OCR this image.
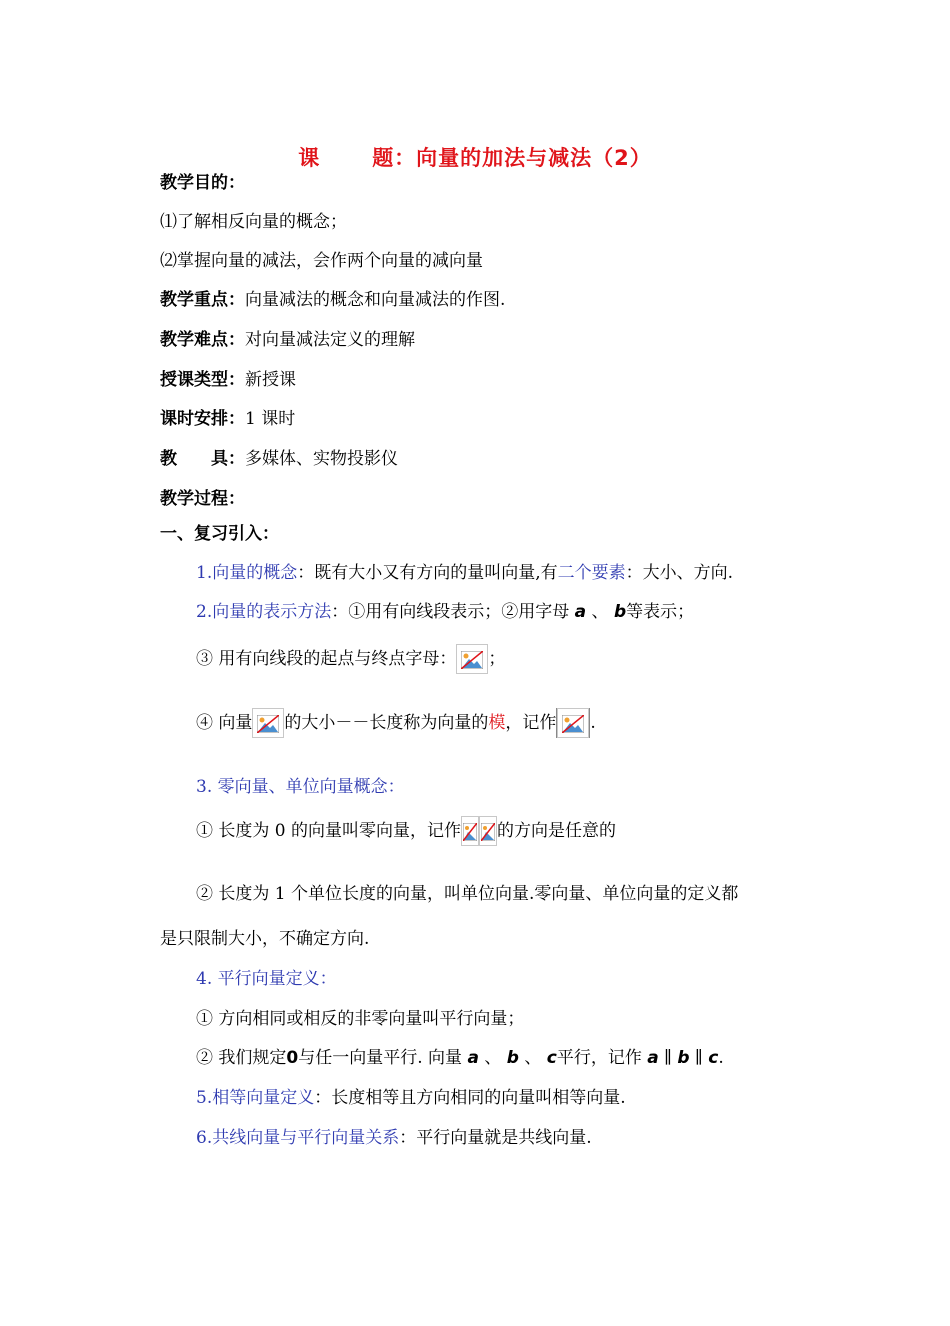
课 题：向量的加法与减法（2）
教学目的：
⑴了解相反向量的概念；
⑵掌握向量的减法，会作两个向量的减向量
教学重点：向量减法的概念和向量减法的作图.
教学难点：对向量减法定义的理解
授课类型：新授课
课时安排：1 课时
教 具：多媒体、实物投影仪
教学过程：
一、复习引入：
1.向量的概念：既有大小又有方向的量叫向量,有二个要素：大小、方向.
2.向量的表示方法：①用有向线段表示；②用字母 a 、 b等表示；
③ 用有向线段的起点与终点字母： ；
④ 向量 的大小－－长度称为向量的模，记作 .
3. 零向量、单位向量概念：
① 长度为 0 的向量叫零向量，记作 的方向是任意的
② 长度为 1 个单位长度的向量，叫单位向量.零向量、单位向量的定义都
是只限制大小，不确定方向.
4. 平行向量定义：
① 方向相同或相反的非零向量叫平行向量；
② 我们规定0与任一向量平行. 向量 a 、 b 、 c平行，记作 a ∥ b ∥ c.
5.相等向量定义：长度相等且方向相同的向量叫相等向量.
6.共线向量与平行向量关系：平行向量就是共线向量.
